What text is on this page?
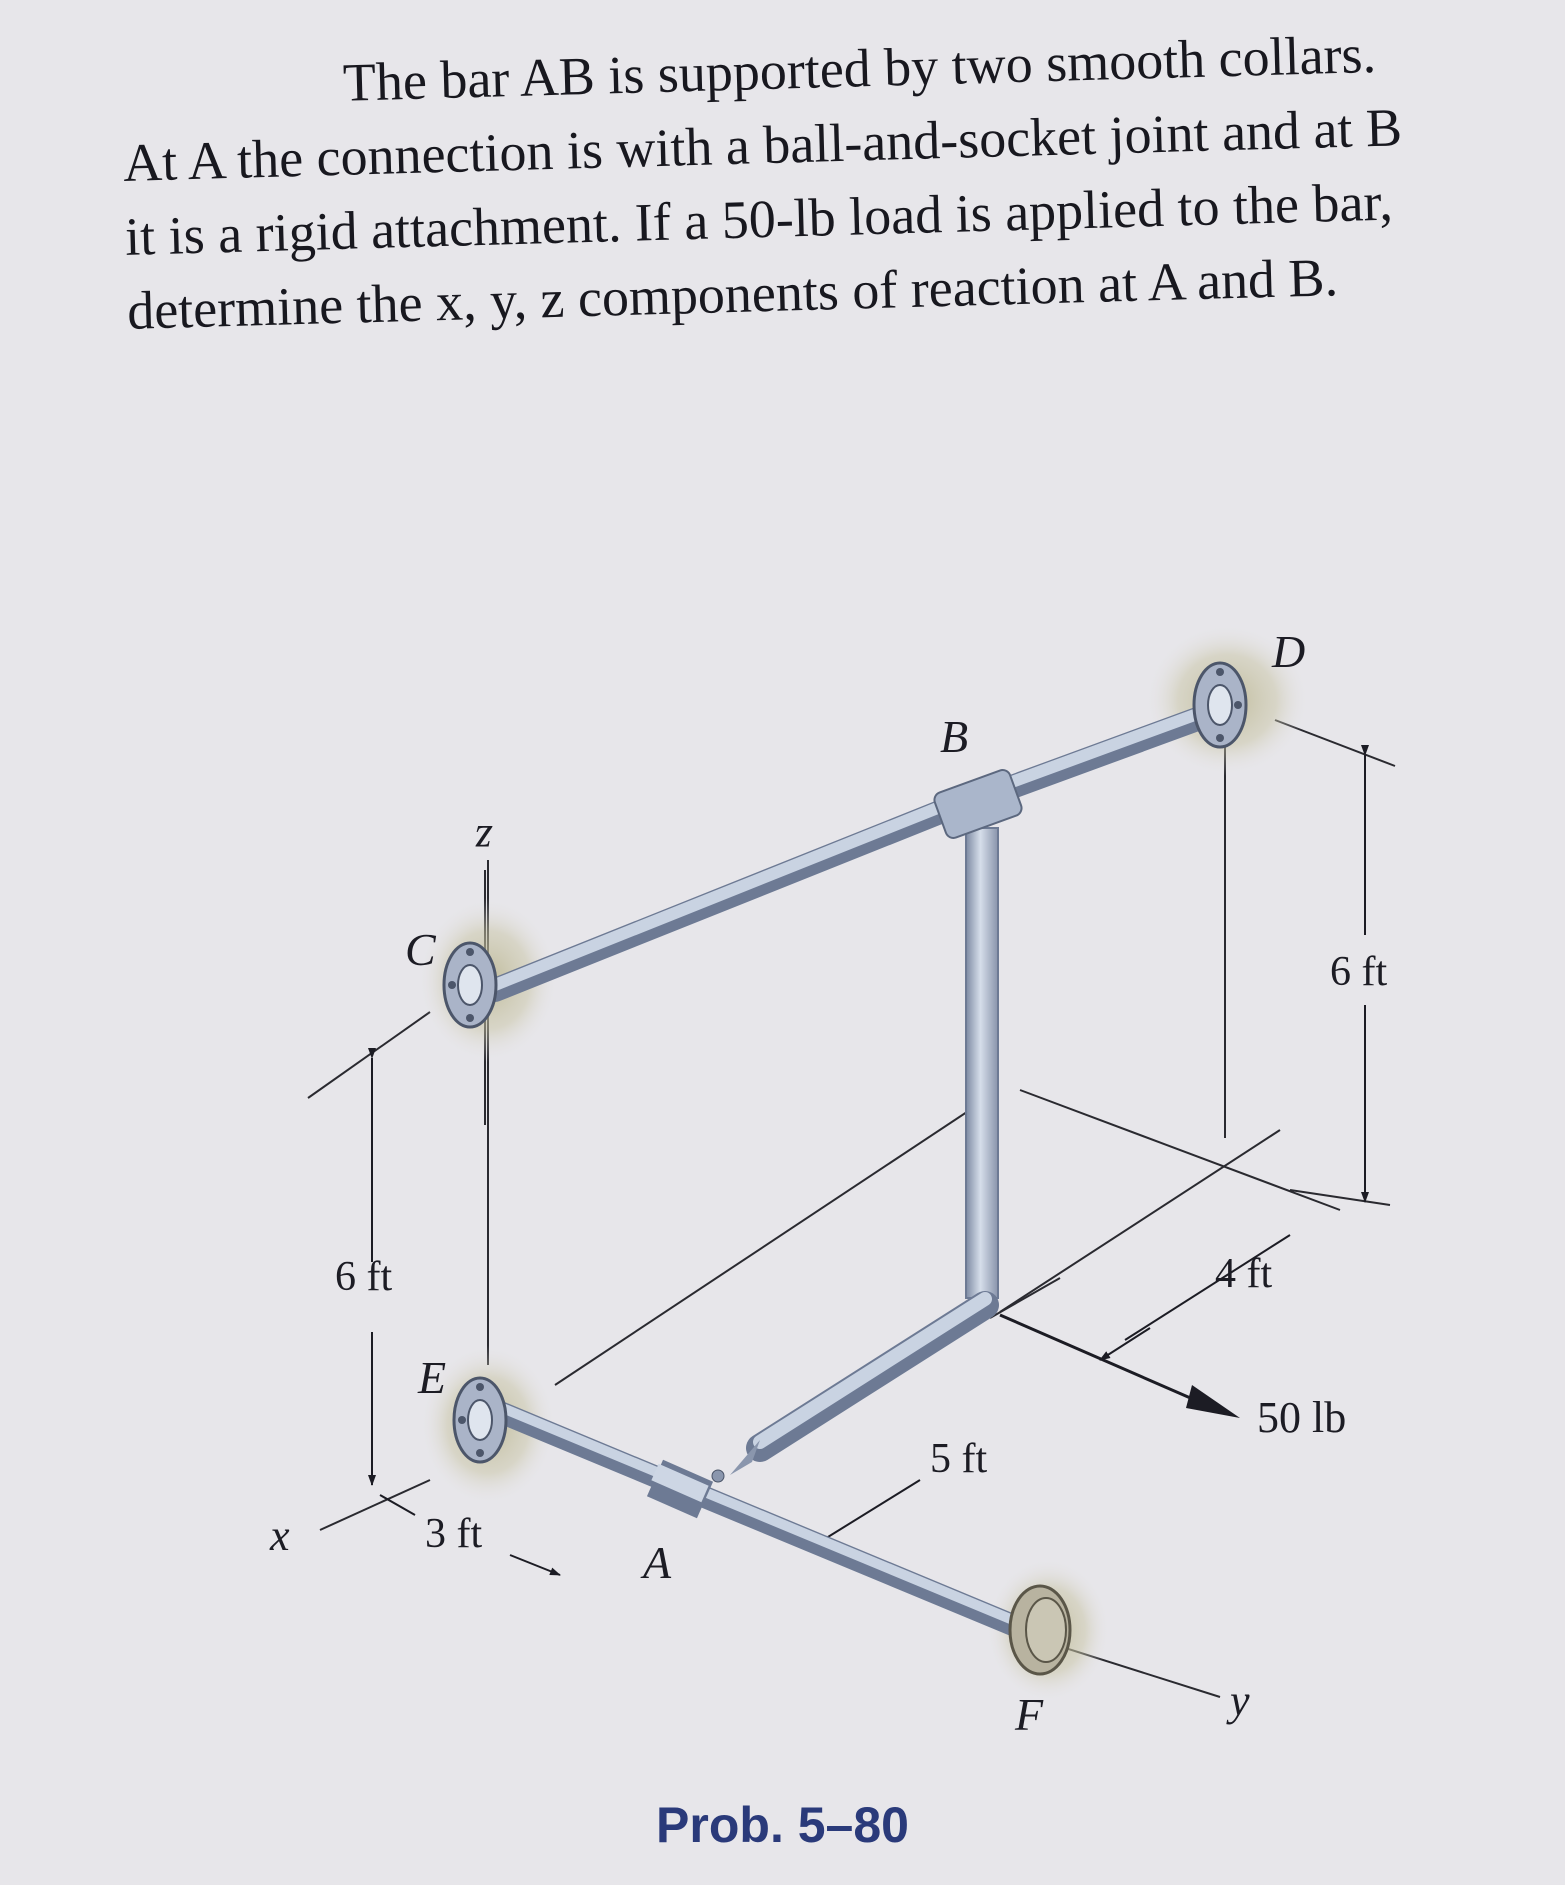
The bar AB is supported by two smooth collars.
At A the connection is with a ball-and-socket joint and at B
it is a rigid attachment. If a 50-lb load is applied to the bar,
determine the x, y, z components of reaction at A and B.
B
D
C
E
A
F
x
y
z
6 ft
6 ft
4 ft
5 ft
3 ft
50 lb
Prob. 5–80
